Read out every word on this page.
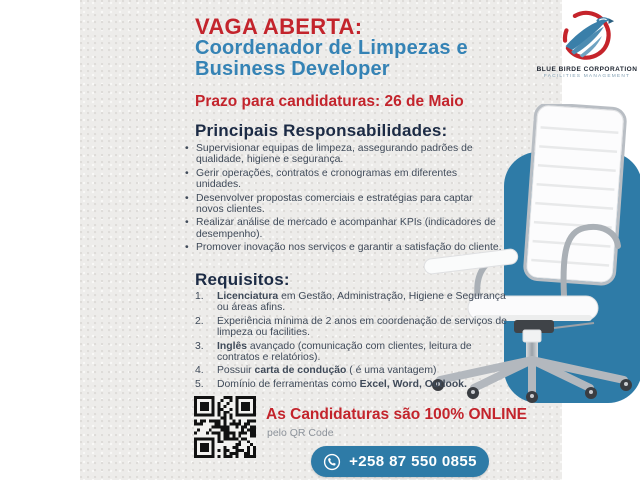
VAGA ABERTA:
Coordenador de Limpezas e Business Developer	BLUE BIRDE CORPORATION
FACILITIES MANAGEMENT
Prazo para candidaturas: 26 de Maio
Principais Responsabilidades:
• Supervisionar equipas de limpeza, assegurando padrões de qualidade, higiene e segurança.
• Gerir operações, contratos e cronogramas em diferentes unidades.
• Desenvolver propostas comerciais e estratégias para captar novos clientes.
• Realizar análise de mercado e acompanhar KPIs (indicadores de desempenho).
• Promover inovação nos serviços e garantir a satisfação do cliente.
Requisitos:
1.	Licenciatura em Gestão, Administração, Higiene e Segurança ou áreas afins.
2.	Experiência mínima de 2 anos em coordenação de serviços de limpeza ou facilities.
3.	Inglês avançado (comunicação com clientes, leitura de contratos e relatórios).
4.	Possuir carta de condução ( é uma vantagem)
5.	Domínio de ferramentas como Excel, Word, Outlook.
As Candidaturas são 100% ONLINE
pelo QR Code
+258 87 550 0855
